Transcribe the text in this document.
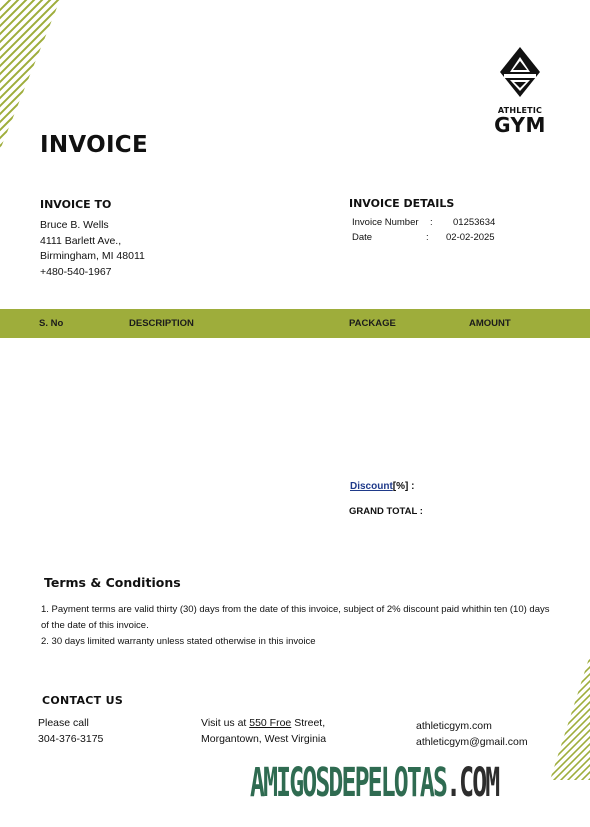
ATHLETIC
GYM
INVOICE
INVOICE TO
Bruce B. Wells
4111 Barlett Ave.,
Birmingham, MI 48011
+480-540-1967
INVOICE DETAILS
Invoice Number : 01253634
Date	: 02-02-2025
S. No	DESCRIPTION	PACKAGE	AMOUNT
Discount[%] :
GRAND TOTAL :
Terms & Conditions
1. Payment terms are valid thirty (30) days from the date of this invoice, subject of 2% discount paid whithin ten (10) days of the date of this invoice.
2. 30 days limited warranty unless stated otherwise in this invoice
CONTACT US
Please call
304-376-3175
Visit us at 550 Froe Street,
Morgantown, West Virginia
athleticgym.com
athleticgym@gmail.com
AMIGOSDEPELOTAS.COM
